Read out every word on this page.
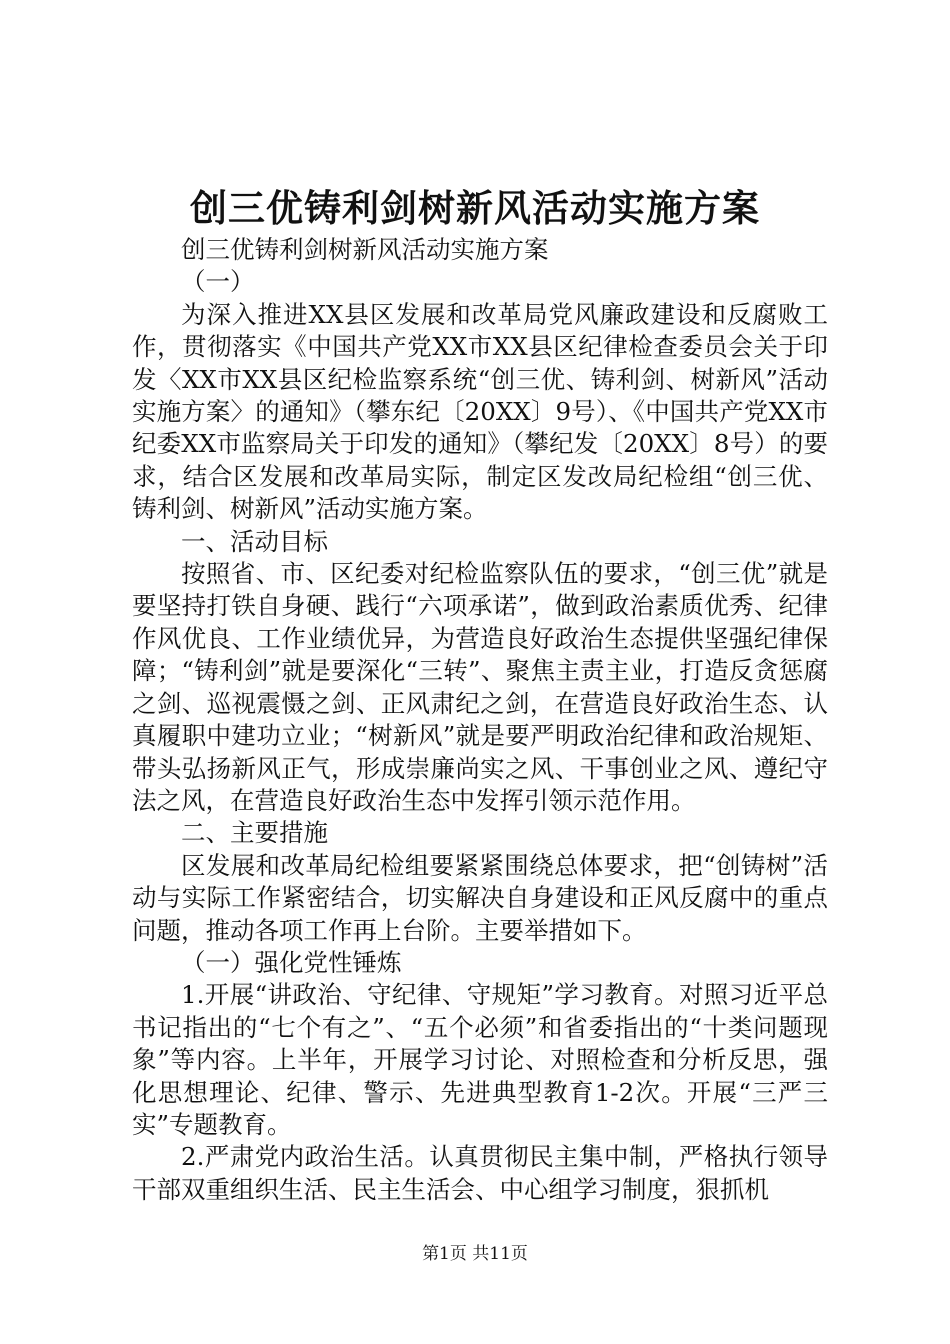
创三优铸利剑树新风活动实施方案

创三优铸利剑树新风活动实施方案

（一）

为深入推进XX县区发展和改革局党风廉政建设和反腐败工作，贯彻落实《中国共产党XX市XX县区纪律检查委员会关于印发〈XX市XX县区纪检监察系统“创三优、铸利剑、树新风”活动实施方案〉的通知》（攀东纪〔20XX〕9号）、《中国共产党XX市纪委XX市监察局关于印发的通知》（攀纪发〔20XX〕8号）的要求，结合区发展和改革局实际，制定区发改局纪检组“创三优、铸利剑、树新风”活动实施方案。

一、活动目标

按照省、市、区纪委对纪检监察队伍的要求，“创三优”就是要坚持打铁自身硬、践行“六项承诺”，做到政治素质优秀、纪律作风优良、工作业绩优异，为营造良好政治生态提供坚强纪律保障；“铸利剑”就是要深化“三转”、聚焦主责主业，打造反贪惩腐之剑、巡视震慑之剑、正风肃纪之剑，在营造良好政治生态、认真履职中建功立业；“树新风”就是要严明政治纪律和政治规矩、带头弘扬新风正气，形成崇廉尚实之风、干事创业之风、遵纪守法之风，在营造良好政治生态中发挥引领示范作用。

二、主要措施

区发展和改革局纪检组要紧紧围绕总体要求，把“创铸树”活动与实际工作紧密结合，切实解决自身建设和正风反腐中的重点问题，推动各项工作再上台阶。主要举措如下。

（一）强化党性锤炼

1.开展“讲政治、守纪律、守规矩”学习教育。对照习近平总书记指出的“七个有之”、“五个必须”和省委指出的“十类问题现象”等内容。上半年，开展学习讨论、对照检查和分析反思，强化思想理论、纪律、警示、先进典型教育1-2次。开展“三严三实”专题教育。

2.严肃党内政治生活。认真贯彻民主集中制，严格执行领导干部双重组织生活、民主生活会、中心组学习制度，狠抓机

第1页 共11页
